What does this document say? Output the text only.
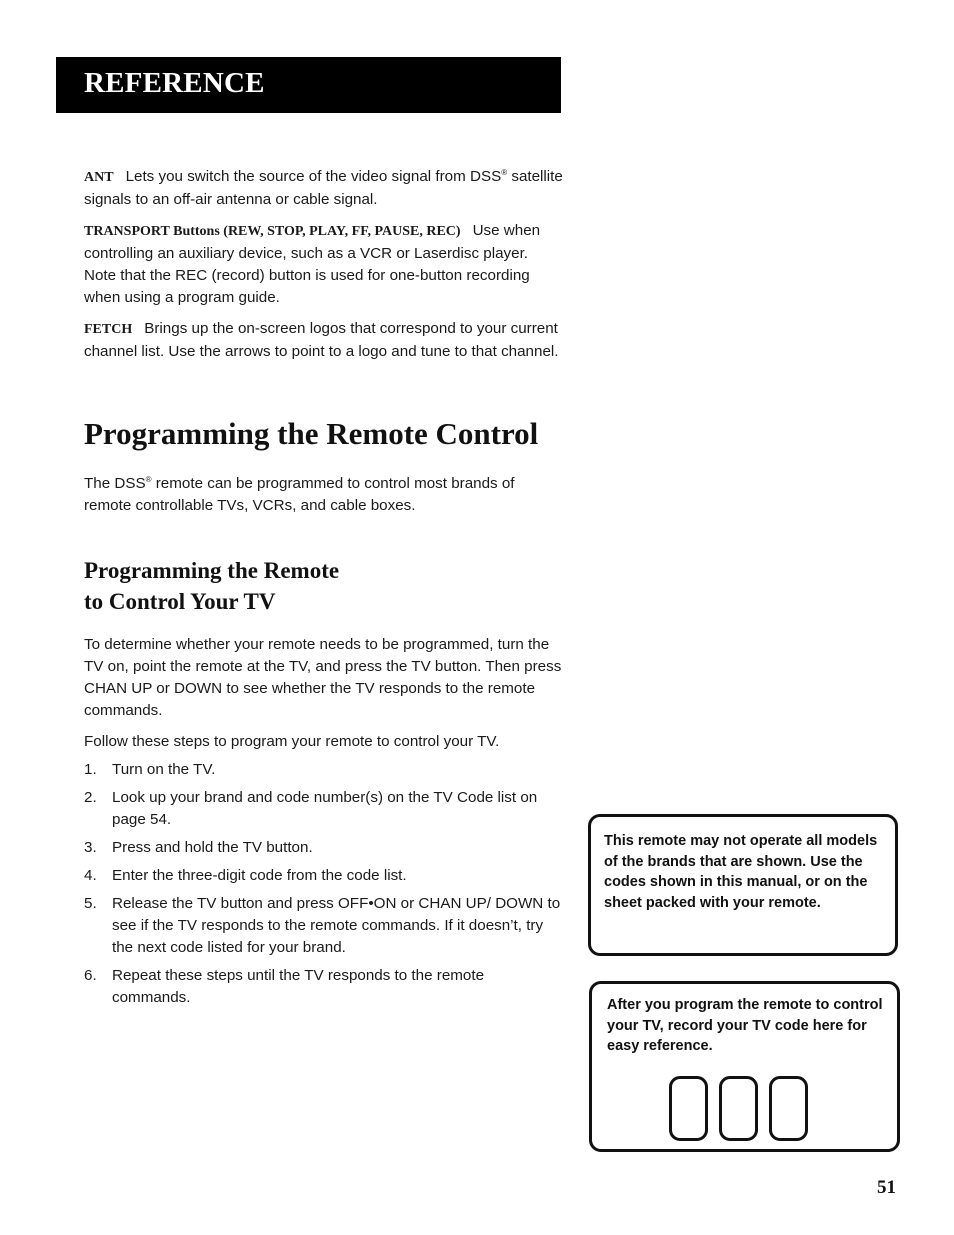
REFERENCE

ANT Lets you switch the source of the video signal from DSS® satellite signals to an off-air antenna or cable signal.

TRANSPORT Buttons (REW, STOP, PLAY, FF, PAUSE, REC) Use when controlling an auxiliary device, such as a VCR or Laserdisc player. Note that the REC (record) button is used for one-button recording when using a program guide.

FETCH Brings up the on-screen logos that correspond to your current channel list. Use the arrows to point to a logo and tune to that channel.

Programming the Remote Control

The DSS® remote can be programmed to control most brands of remote controllable TVs, VCRs, and cable boxes.

Programming the Remote
to Control Your TV

To determine whether your remote needs to be programmed, turn the TV on, point the remote at the TV, and press the TV button. Then press CHAN UP or DOWN to see whether the TV responds to the remote commands.

Follow these steps to program your remote to control your TV.

1. Turn on the TV.
2. Look up your brand and code number(s) on the TV Code list on page 54.
3. Press and hold the TV button.
4. Enter the three-digit code from the code list.
5. Release the TV button and press OFF•ON or CHAN UP/ DOWN to see if the TV responds to the remote commands. If it doesn’t, try the next code listed for your brand.
6. Repeat these steps until the TV responds to the remote commands.
This remote may not operate all models of the brands that are shown. Use the codes shown in this manual, or on the sheet packed with your remote.
After you program the remote to control your TV, record your TV code here for easy reference.
51
